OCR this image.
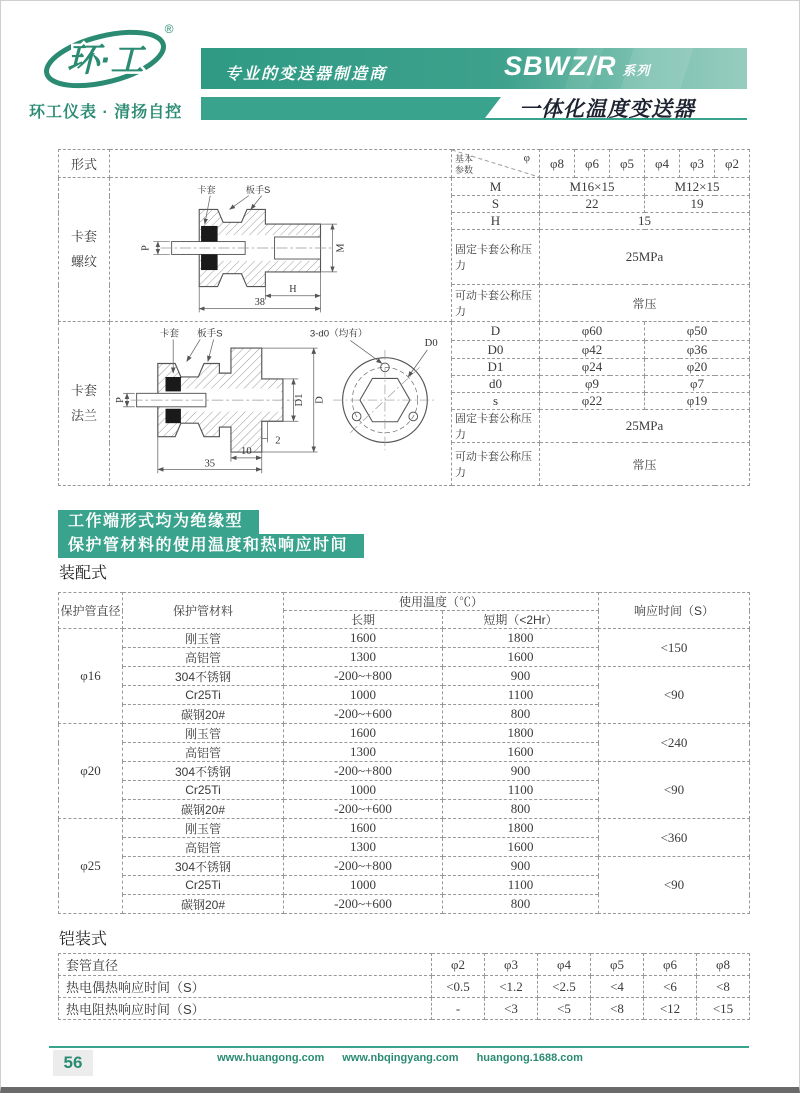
环·工
®
环工仪表 · 清扬自控
专业的变送器制造商	SBWZ/R 系列
一体化温度变送器
形式		φ
基本参数	φ8	φ6	φ5	φ4	φ3	φ2
卡套螺纹	
P	M
H
38
卡套	板手S	M	M16×15	M12×15
		S	22			19		
		H	15					
		固定卡套公称压力	25MPa					
		可动卡套公称压力	常压					
卡套法兰	
P	D1 D
2
10
35
卡套 板手S	3-d0（均有）
D0
	D	φ60	φ50
		D0	φ42			φ36		
		D1	φ24			φ20		
		d0	φ9			φ7		
		s	φ22			φ19		
		固定卡套公称压力	25MPa					
		可动卡套公称压力	常压					
工作端形式均为绝缘型
保护管材料的使用温度和热响应时间
装配式
保护管直径	保护管材料	使用温度（℃）		响应时间（S）
		长期	短期（<2Hr）	
φ16	刚玉管	1600	1800	<150
	高铝管	1300	1600	
	304不锈钢	-200~+800	900	<90
	Cr25Ti	1000	1100	
	碳钢20#	-200~+600	800	
φ20	刚玉管	1600	1800	<240
	高铝管	1300	1600	
	304不锈钢	-200~+800	900	<90
	Cr25Ti	1000	1100	
	碳钢20#	-200~+600	800	
φ25	刚玉管	1600	1800	<360
	高铝管	1300	1600	
	304不锈钢	-200~+800	900	<90
	Cr25Ti	1000	1100	
	碳钢20#	-200~+600	800	
铠装式
套管直径	φ2	φ3	φ4	φ5	φ6	φ8
热电偶热响应时间（S）	<0.5	<1.2	<2.5	<4	<6	<8
热电阻热响应时间（S）	-	<3	<5	<8	<12	<15
56	www.huangong.com www.nbqingyang.com huangong.1688.com
